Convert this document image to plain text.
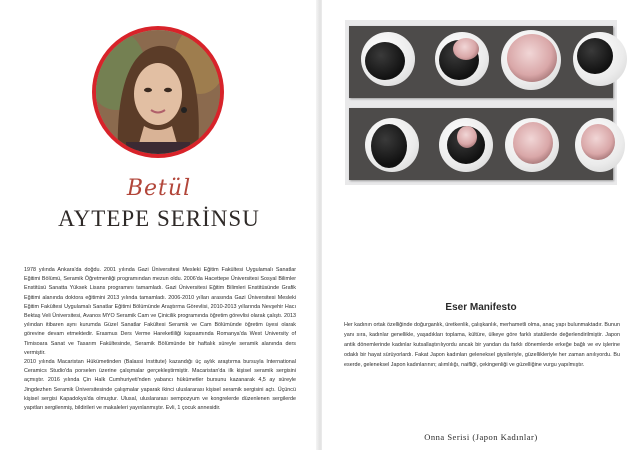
Betül
AYTEPE SERİNSU

1978 yılında Ankara'da doğdu. 2001 yılında Gazi Üniversitesi Mesleki Eğitim Fakültesi Uygulamalı Sanatlar Eğitimi Bölümü, Seramik Öğretmenliği programından mezun oldu. 2006'da Hacettepe Üniversitesi Sosyal Bilimler Enstitüsü Sanatta Yüksek Lisans programını tamamladı. Gazi Üniversitesi Eğitim Bilimleri Enstitüsünde Grafik Eğitimi alanında doktora eğitimini 2013 yılında tamamladı. 2006-2010 yılları arasında Gazi Üniversitesi Mesleki Eğitim Fakültesi Uygulamalı Sanatlar Eğitimi Bölümünde Araştırma Görevlisi, 2010-2013 yıllarında Nevşehir Hacı Bektaş Veli Üniversitesi, Avanos MYO Seramik Cam ve Çinicilik programında öğretim görevlisi olarak çalıştı. 2013 yılından itibaren aynı kurumda Güzel Sanatlar Fakültesi Seramik ve Cam Bölümünde öğretim üyesi olarak görevine devam etmektedir. Erasmus Ders Verme Hareketliliği kapsamında Romanya'da West University of Timisoara Sanat ve Tasarım Fakültesinde, Seramik Bölümünde bir haftalık süreyle seramik alanında ders vermiştir.

2010 yılında Macaristan Hükümetinden (Balassi Institute) kazandığı üç aylık araştırma bursuyla International Ceramics Studio'da porselen üzerine çalışmalar gerçekleştirmiştir. Macaristan'da ilk kişisel seramik sergisini açmıştır. 2016 yılında Çin Halk Cumhuriyeti'nden yabancı hükümetler bursunu kazanarak 4,5 ay süreyle Jingdezhen Seramik Üniversitesinde çalışmalar yaparak ikinci uluslararası kişisel seramik sergisini açtı. Üçüncü kişisel sergisi Kapadokya'da olmuştur. Ulusal, uluslararası sempozyum ve kongrelerde düzenlenen sergilerde yapıtları sergilenmiş, bildirileri ve makaleleri yayınlanmıştır. Evli, 1 çocuk annesidir.

Eser Manifesto

Her kadının ortak özelliğinde doğurganlık, üretkenlik, çalışkanlık, merhametli olma, anaç yapı bulunmaktadır. Bunun yanı sıra, kadınlar genellikle, yaşadıkları toplama, kültüre, ülkeye göre farklı statülerde değerlendirilmiştir. Japon antik dönemlerinde kadınlar kutsallaştırılıyordu ancak bir yandan da farklı dönemlerde erkeğe bağlı ve ev işlerine odaklı bir hayat sürüyorlardı. Fakat Japon kadınları geleneksel giysileriyle, güzellikleriyle her zaman anılıyordu. Bu eserde, geleneksel Japon kadınlarının; alımlılığı, naifliği, çekingenliği ve güzelliğine vurgu yapılmıştır.

Onna Serisi (Japon Kadınlar)
